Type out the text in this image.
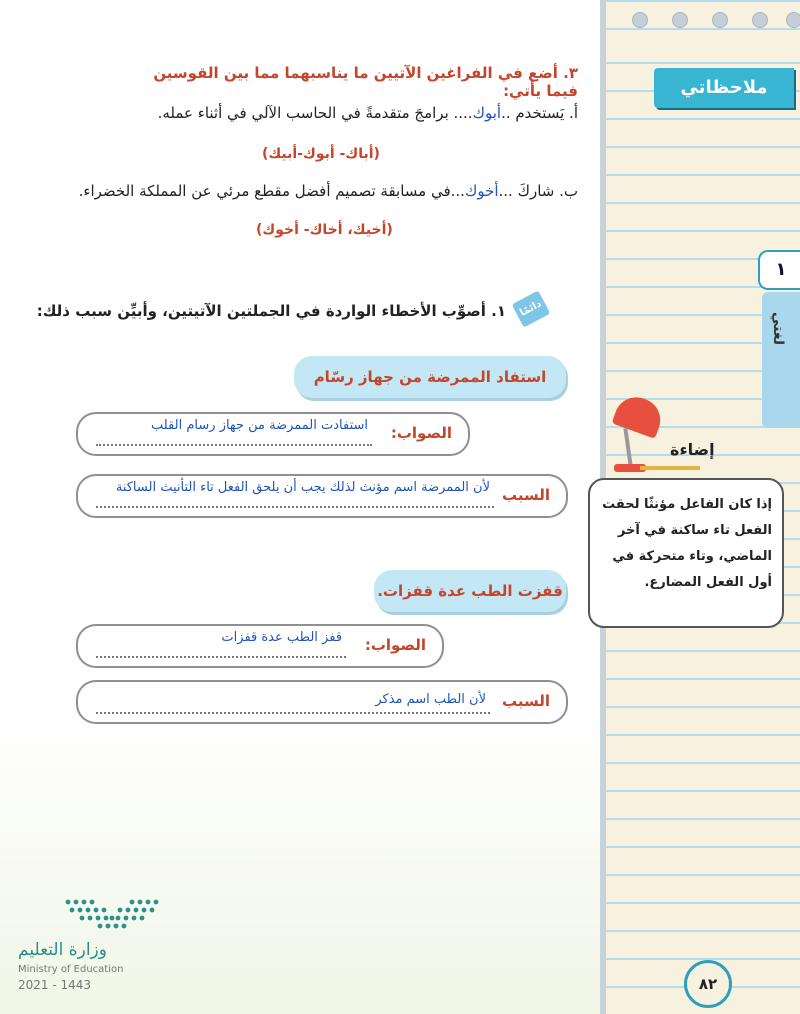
ملاحظاتي
١
لغتي
٣. أضع في الفراغين الآتيين ما يناسبهما مما بين القوسين فيما يأتي:
أ. يَستخدم ..أبوك.... برامجَ متقدمةً في الحاسب الآلي في أثناء عمله.
(أباك- أبوك-أبيك)
ب. شاركَ ...أخوك...في مسابقة تصميم أفضل مقطع مرئي عن المملكة الخضراء.
(أخيك، أخاك- أخوك)
دائمًا
١. أصوِّب الأخطاء الواردة في الجملتين الآتيتين، وأبيِّن سبب ذلك:
استفاد الممرضة من جهاز رسّام
الصواب:
استفادت الممرضة من جهاز رسام القلب
السبب
لأن الممرضة اسم مؤنث لذلك يجب أن يلحق الفعل تاء التأنيث الساكنة
قفزت الطب عدة قفزات.
الصواب:
قفز الطب عدة قفزات
السبب
لأن الطب اسم مذكر
إضاءة
إذا كان الفاعل مؤنثًا لحقت الفعل تاء ساكنة في آخر الماضي، وتاء متحركة في أول الفعل المضارع.
وزارة التعليم
Ministry of Education
2021 - 1443	٨٢
